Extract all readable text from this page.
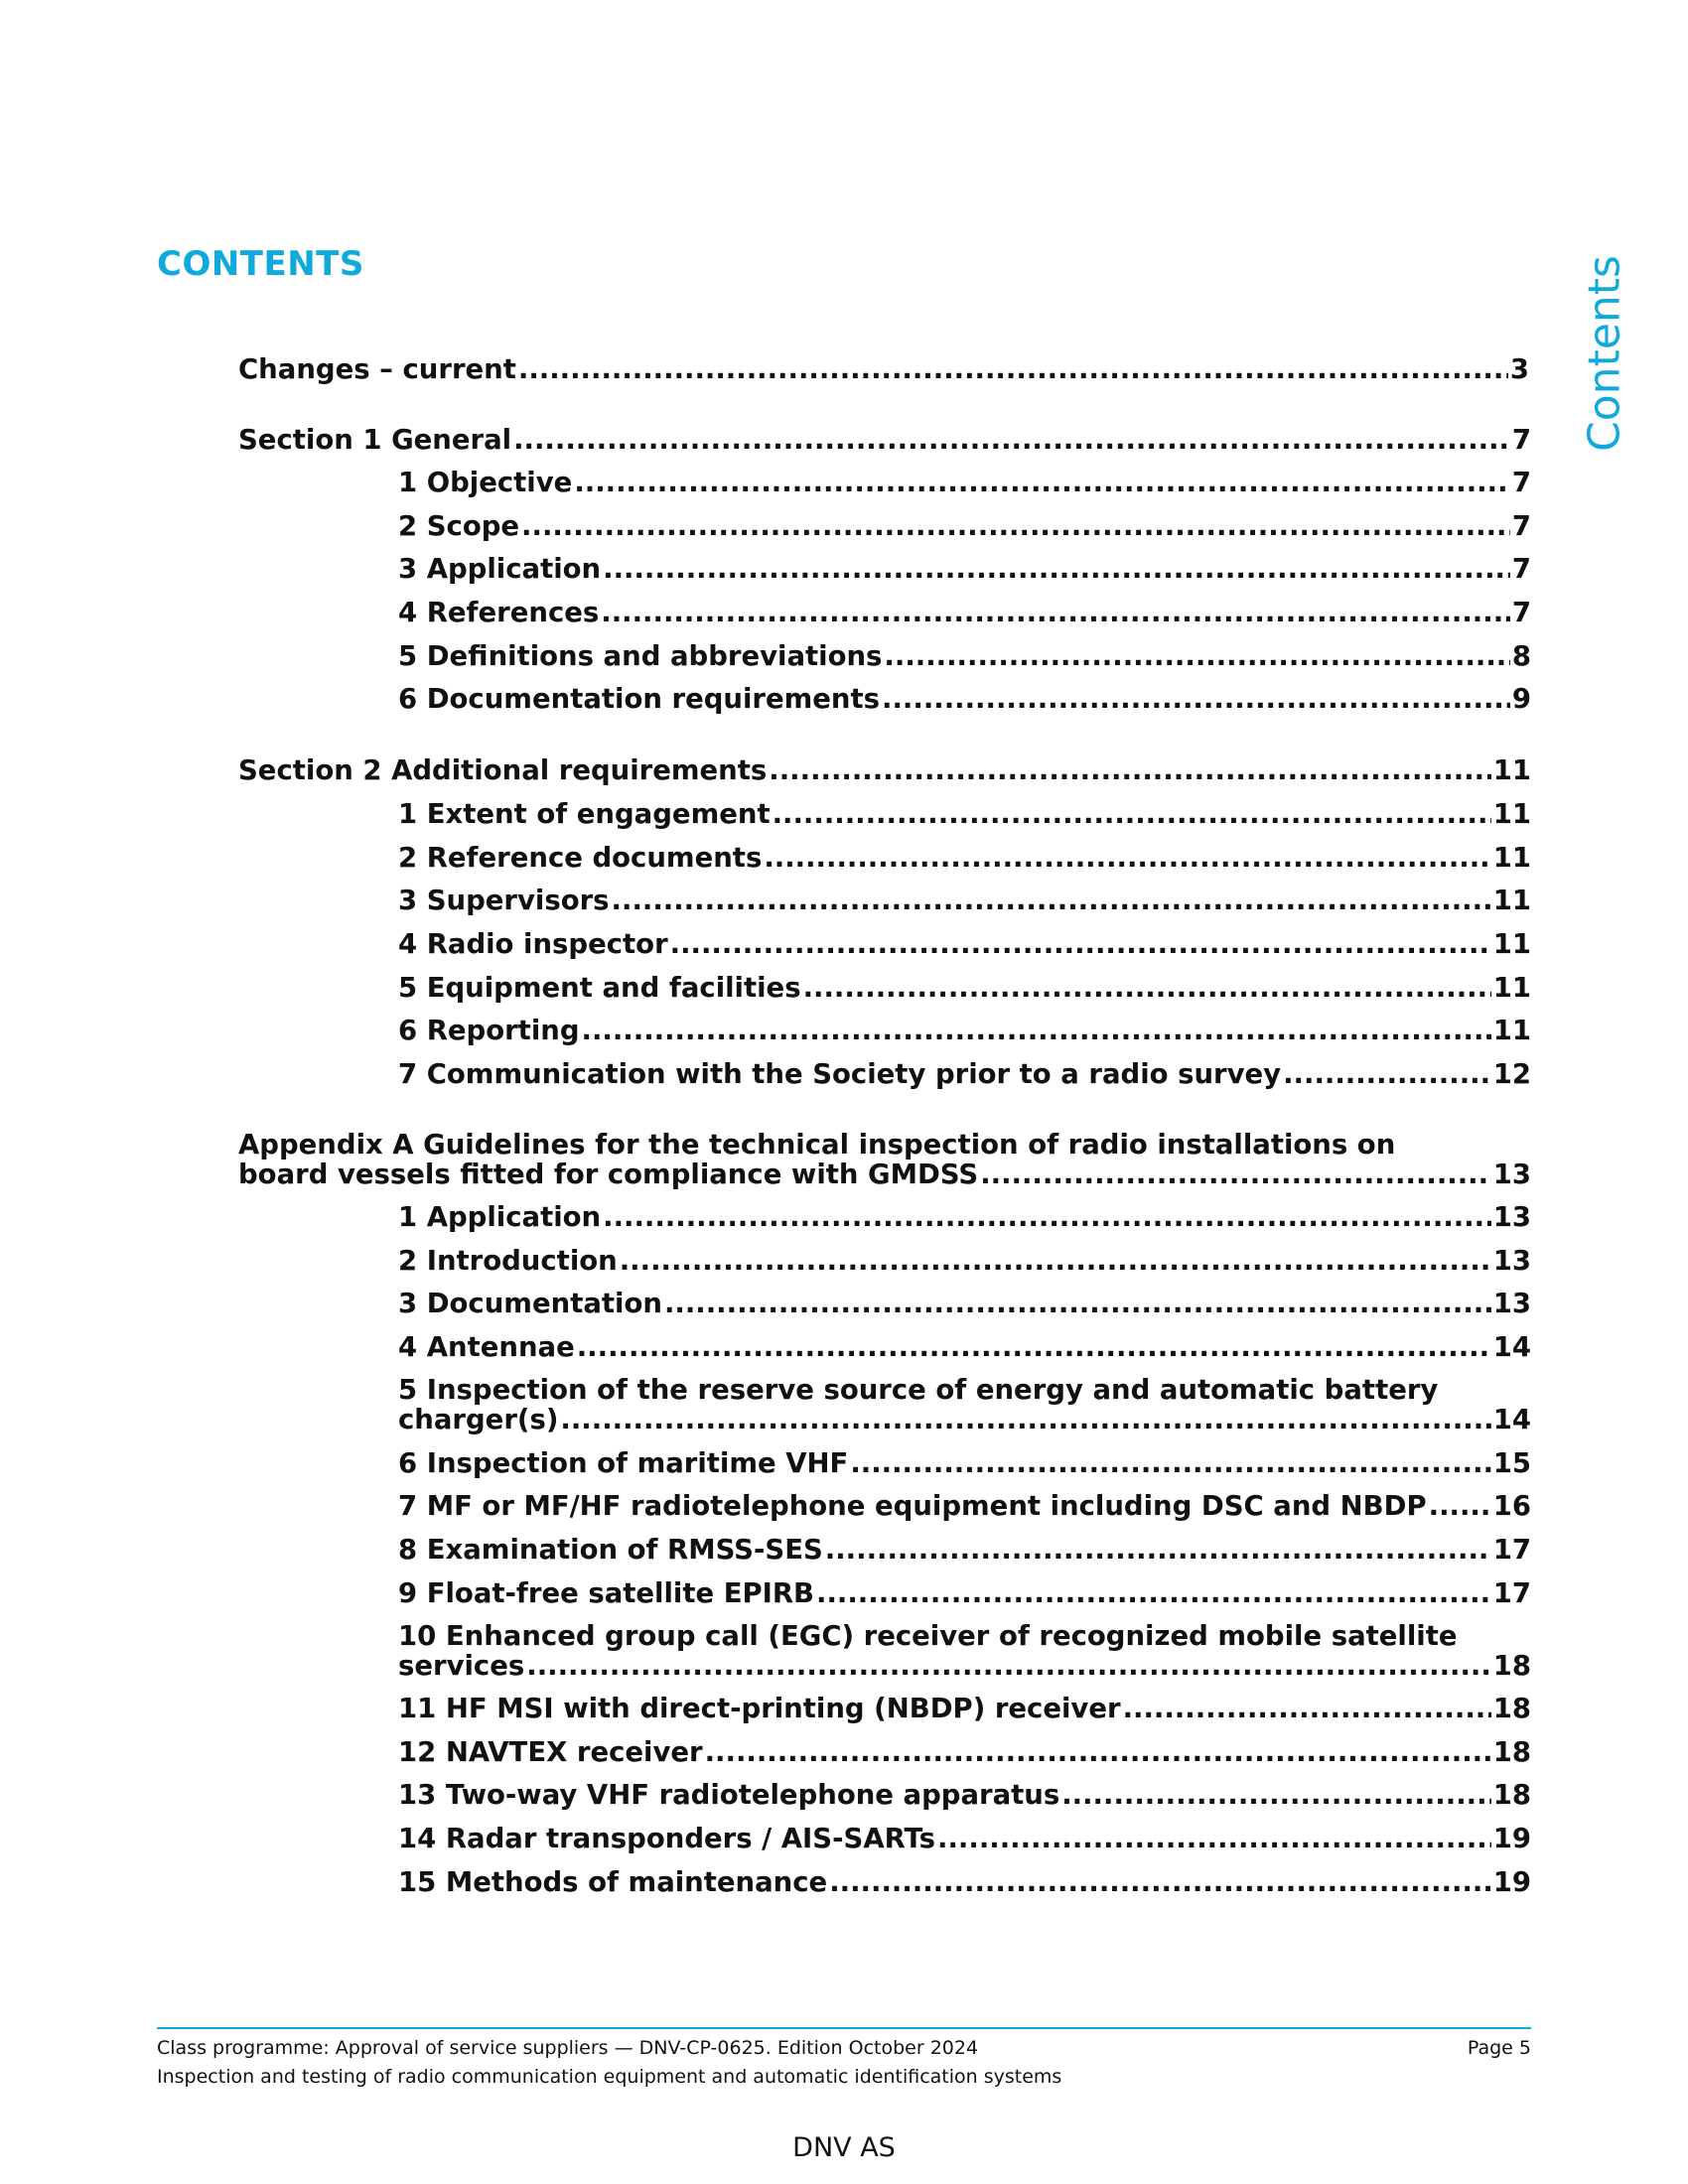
CONTENTS	Contents
Changes – current .....	3
Section 1 General .....	7
1 Objective .....	7
2 Scope .....	7
3 Application .....	7
4 References .....	7
5 Definitions and abbreviations .....	8
6 Documentation requirements .....	9
Section 2 Additional requirements .....	11
1 Extent of engagement .....	11
2 Reference documents .....	11
3 Supervisors .....	11
4 Radio inspector .....	11
5 Equipment and facilities .....	11
6 Reporting .....	11
7 Communication with the Society prior to a radio survey .....	12
Appendix A Guidelines for the technical inspection of radio installations on
board vessels fitted for compliance with GMDSS .....	13
1 Application .....	13
2 Introduction .....	13
3 Documentation .....	13
4 Antennae .....	14
5 Inspection of the reserve source of energy and automatic battery
charger(s) .....	14
6 Inspection of maritime VHF .....	15
7 MF or MF/HF radiotelephone equipment including DSC and NBDP ..... 16
8 Examination of RMSS-SES .....	17
9 Float-free satellite EPIRB .....	17
10 Enhanced group call (EGC) receiver of recognized mobile satellite
services .....	18
11 HF MSI with direct-printing (NBDP) receiver .....	18
12 NAVTEX receiver .....	18
13 Two-way VHF radiotelephone apparatus .....	18
14 Radar transponders / AIS-SARTs .....	19
15 Methods of maintenance .....	19
Class programme: Approval of service suppliers — DNV-CP-0625. Edition October 2024	Page 5
Inspection and testing of radio communication equipment and automatic identification systems
DNV AS
